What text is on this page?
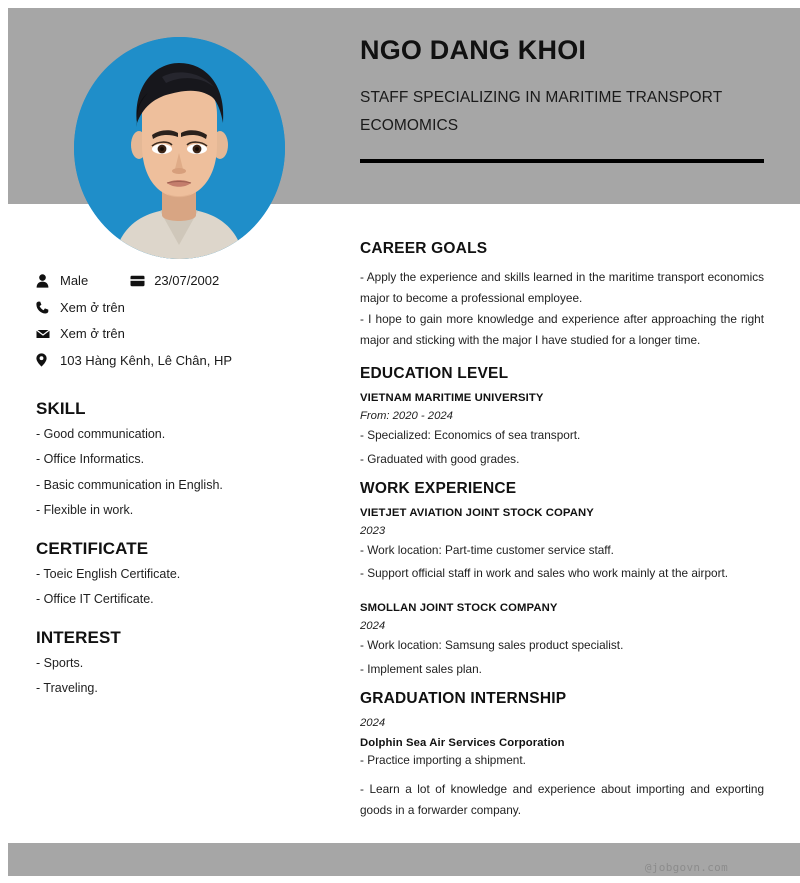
NGO DANG KHOI

STAFF SPECIALIZING IN MARITIME TRANSPORT ECOMOMICS

Male	23/07/2002
Xem ở trên
Xem ở trên
103 Hàng Kênh, Lê Chân, HP
SKILL
- Good communication.
- Office Informatics.
- Basic communication in English.
- Flexible in work.
CERTIFICATE
- Toeic English Certificate.
- Office IT Certificate.
INTEREST
- Sports.
- Traveling.
CAREER GOALS

- Apply the experience and skills learned in the maritime transport economics major to become a professional employee.

- I hope to gain more knowledge and experience after approaching the right major and sticking with the major I have studied for a longer time.

EDUCATION LEVEL
VIETNAM MARITIME UNIVERSITY
From: 2020 - 2024
- Specialized: Economics of sea transport.
- Graduated with good grades.
WORK EXPERIENCE
VIETJET AVIATION JOINT STOCK COPANY
2023
- Work location: Part-time customer service staff.
- Support official staff in work and sales who work mainly at the airport.
SMOLLAN JOINT STOCK COMPANY
2024
- Work location: Samsung sales product specialist.
- Implement sales plan.
GRADUATION INTERNSHIP
2024
Dolphin Sea Air Services Corporation
- Practice importing a shipment.

- Learn a lot of knowledge and experience about importing and exporting goods in a forwarder company.

@jobgovn.com
